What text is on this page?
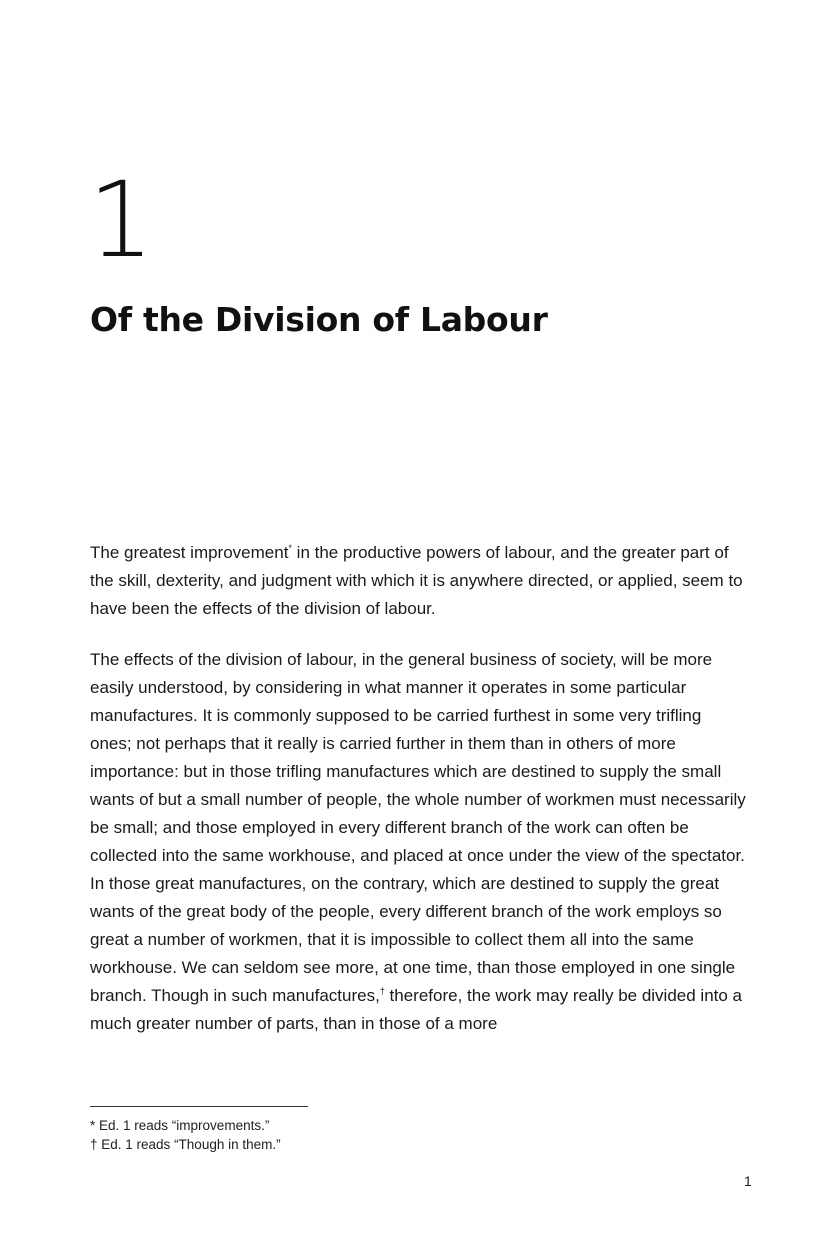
1
Of the Division of Labour

The greatest improvement* in the productive powers of labour, and the greater part of the skill, dexterity, and judgment with which it is anywhere directed, or applied, seem to have been the effects of the division of labour.

The effects of the division of labour, in the general business of society, will be more easily understood, by considering in what manner it operates in some particular manufactures. It is commonly supposed to be carried furthest in some very trifling ones; not perhaps that it really is carried further in them than in others of more importance: but in those trifling manufactures which are destined to supply the small wants of but a small number of people, the whole number of workmen must necessarily be small; and those employed in every different branch of the work can often be collected into the same workhouse, and placed at once under the view of the spectator. In those great manufactures, on the contrary, which are destined to supply the great wants of the great body of the people, every different branch of the work employs so great a number of workmen, that it is impossible to collect them all into the same workhouse. We can seldom see more, at one time, than those employed in one single branch. Though in such manufactures,† therefore, the work may really be divided into a much greater number of parts, than in those of a more

* Ed. 1 reads “improvements.”

† Ed. 1 reads “Though in them.”

1
